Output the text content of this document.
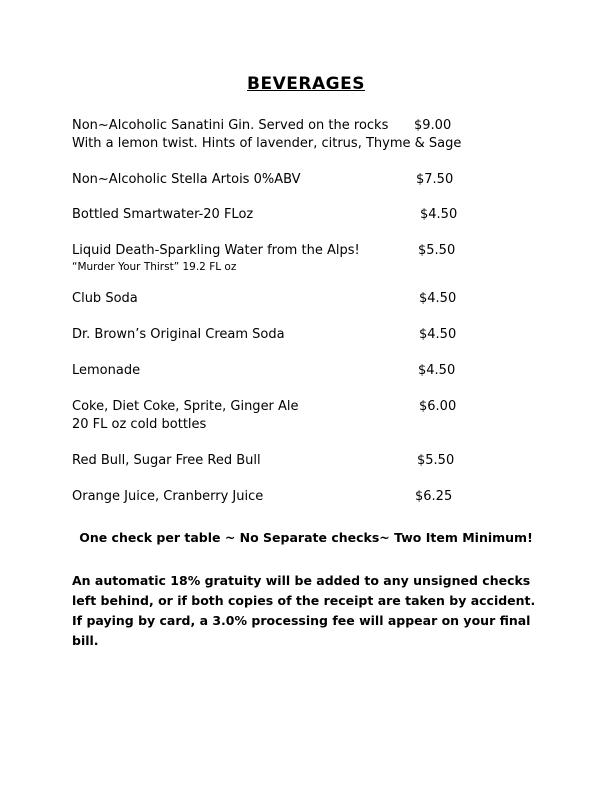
BEVERAGES
Non~Alcoholic Sanatini Gin. Served on the rocks	$9.00
With a lemon twist. Hints of lavender, citrus, Thyme & Sage
Non~Alcoholic Stella Artois 0%ABV	$7.50
Bottled Smartwater-20 FLoz	$4.50
Liquid Death-Sparkling Water from the Alps!	$5.50
“Murder Your Thirst” 19.2 FL oz
Club Soda	$4.50
Dr. Brown’s Original Cream Soda	$4.50
Lemonade	$4.50
Coke, Diet Coke, Sprite, Ginger Ale	$6.00
20 FL oz cold bottles
Red Bull, Sugar Free Red Bull	$5.50
Orange Juice, Cranberry Juice	$6.25
One check per table ~ No Separate checks~ Two Item Minimum!
An automatic 18% gratuity will be added to any unsigned checks left behind, or if both copies of the receipt are taken by accident. If paying by card, a 3.0% processing fee will appear on your final bill.
